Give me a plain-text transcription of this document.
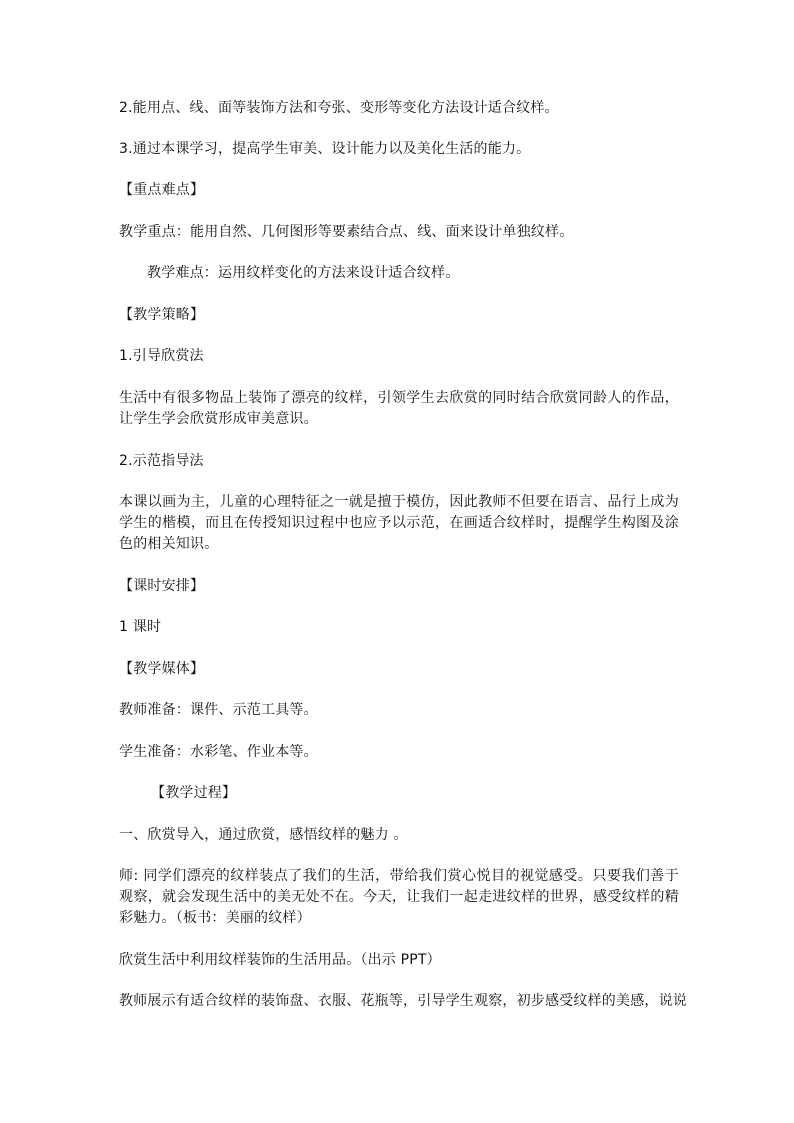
2.能用点、线、面等装饰方法和夸张、变形等变化方法设计适合纹样。
3.通过本课学习，提高学生审美、设计能力以及美化生活的能力。
【重点难点】
教学重点：能用自然、几何图形等要素结合点、线、面来设计单独纹样。
教学难点：运用纹样变化的方法来设计适合纹样。
【教学策略】
1.引导欣赏法
生活中有很多物品上装饰了漂亮的纹样，引领学生去欣赏的同时结合欣赏同龄人的作品，让学生学会欣赏形成审美意识。
2.示范指导法
本课以画为主，儿童的心理特征之一就是擅于模仿，因此教师不但要在语言、品行上成为学生的楷模，而且在传授知识过程中也应予以示范，在画适合纹样时，提醒学生构图及涂色的相关知识。
【课时安排】
1 课时
【教学媒体】
教师准备：课件、示范工具等。
学生准备：水彩笔、作业本等。
【教学过程】
一、欣赏导入，通过欣赏，感悟纹样的魅力 。
师: 同学们漂亮的纹样装点了我们的生活，带给我们赏心悦目的视觉感受。只要我们善于观察，就会发现生活中的美无处不在。今天，让我们一起走进纹样的世界，感受纹样的精彩魅力。（板书：美丽的纹样）
欣赏生活中利用纹样装饰的生活用品。（出示 PPT）
教师展示有适合纹样的装饰盘、衣服、花瓶等，引导学生观察，初步感受纹样的美感，说说
